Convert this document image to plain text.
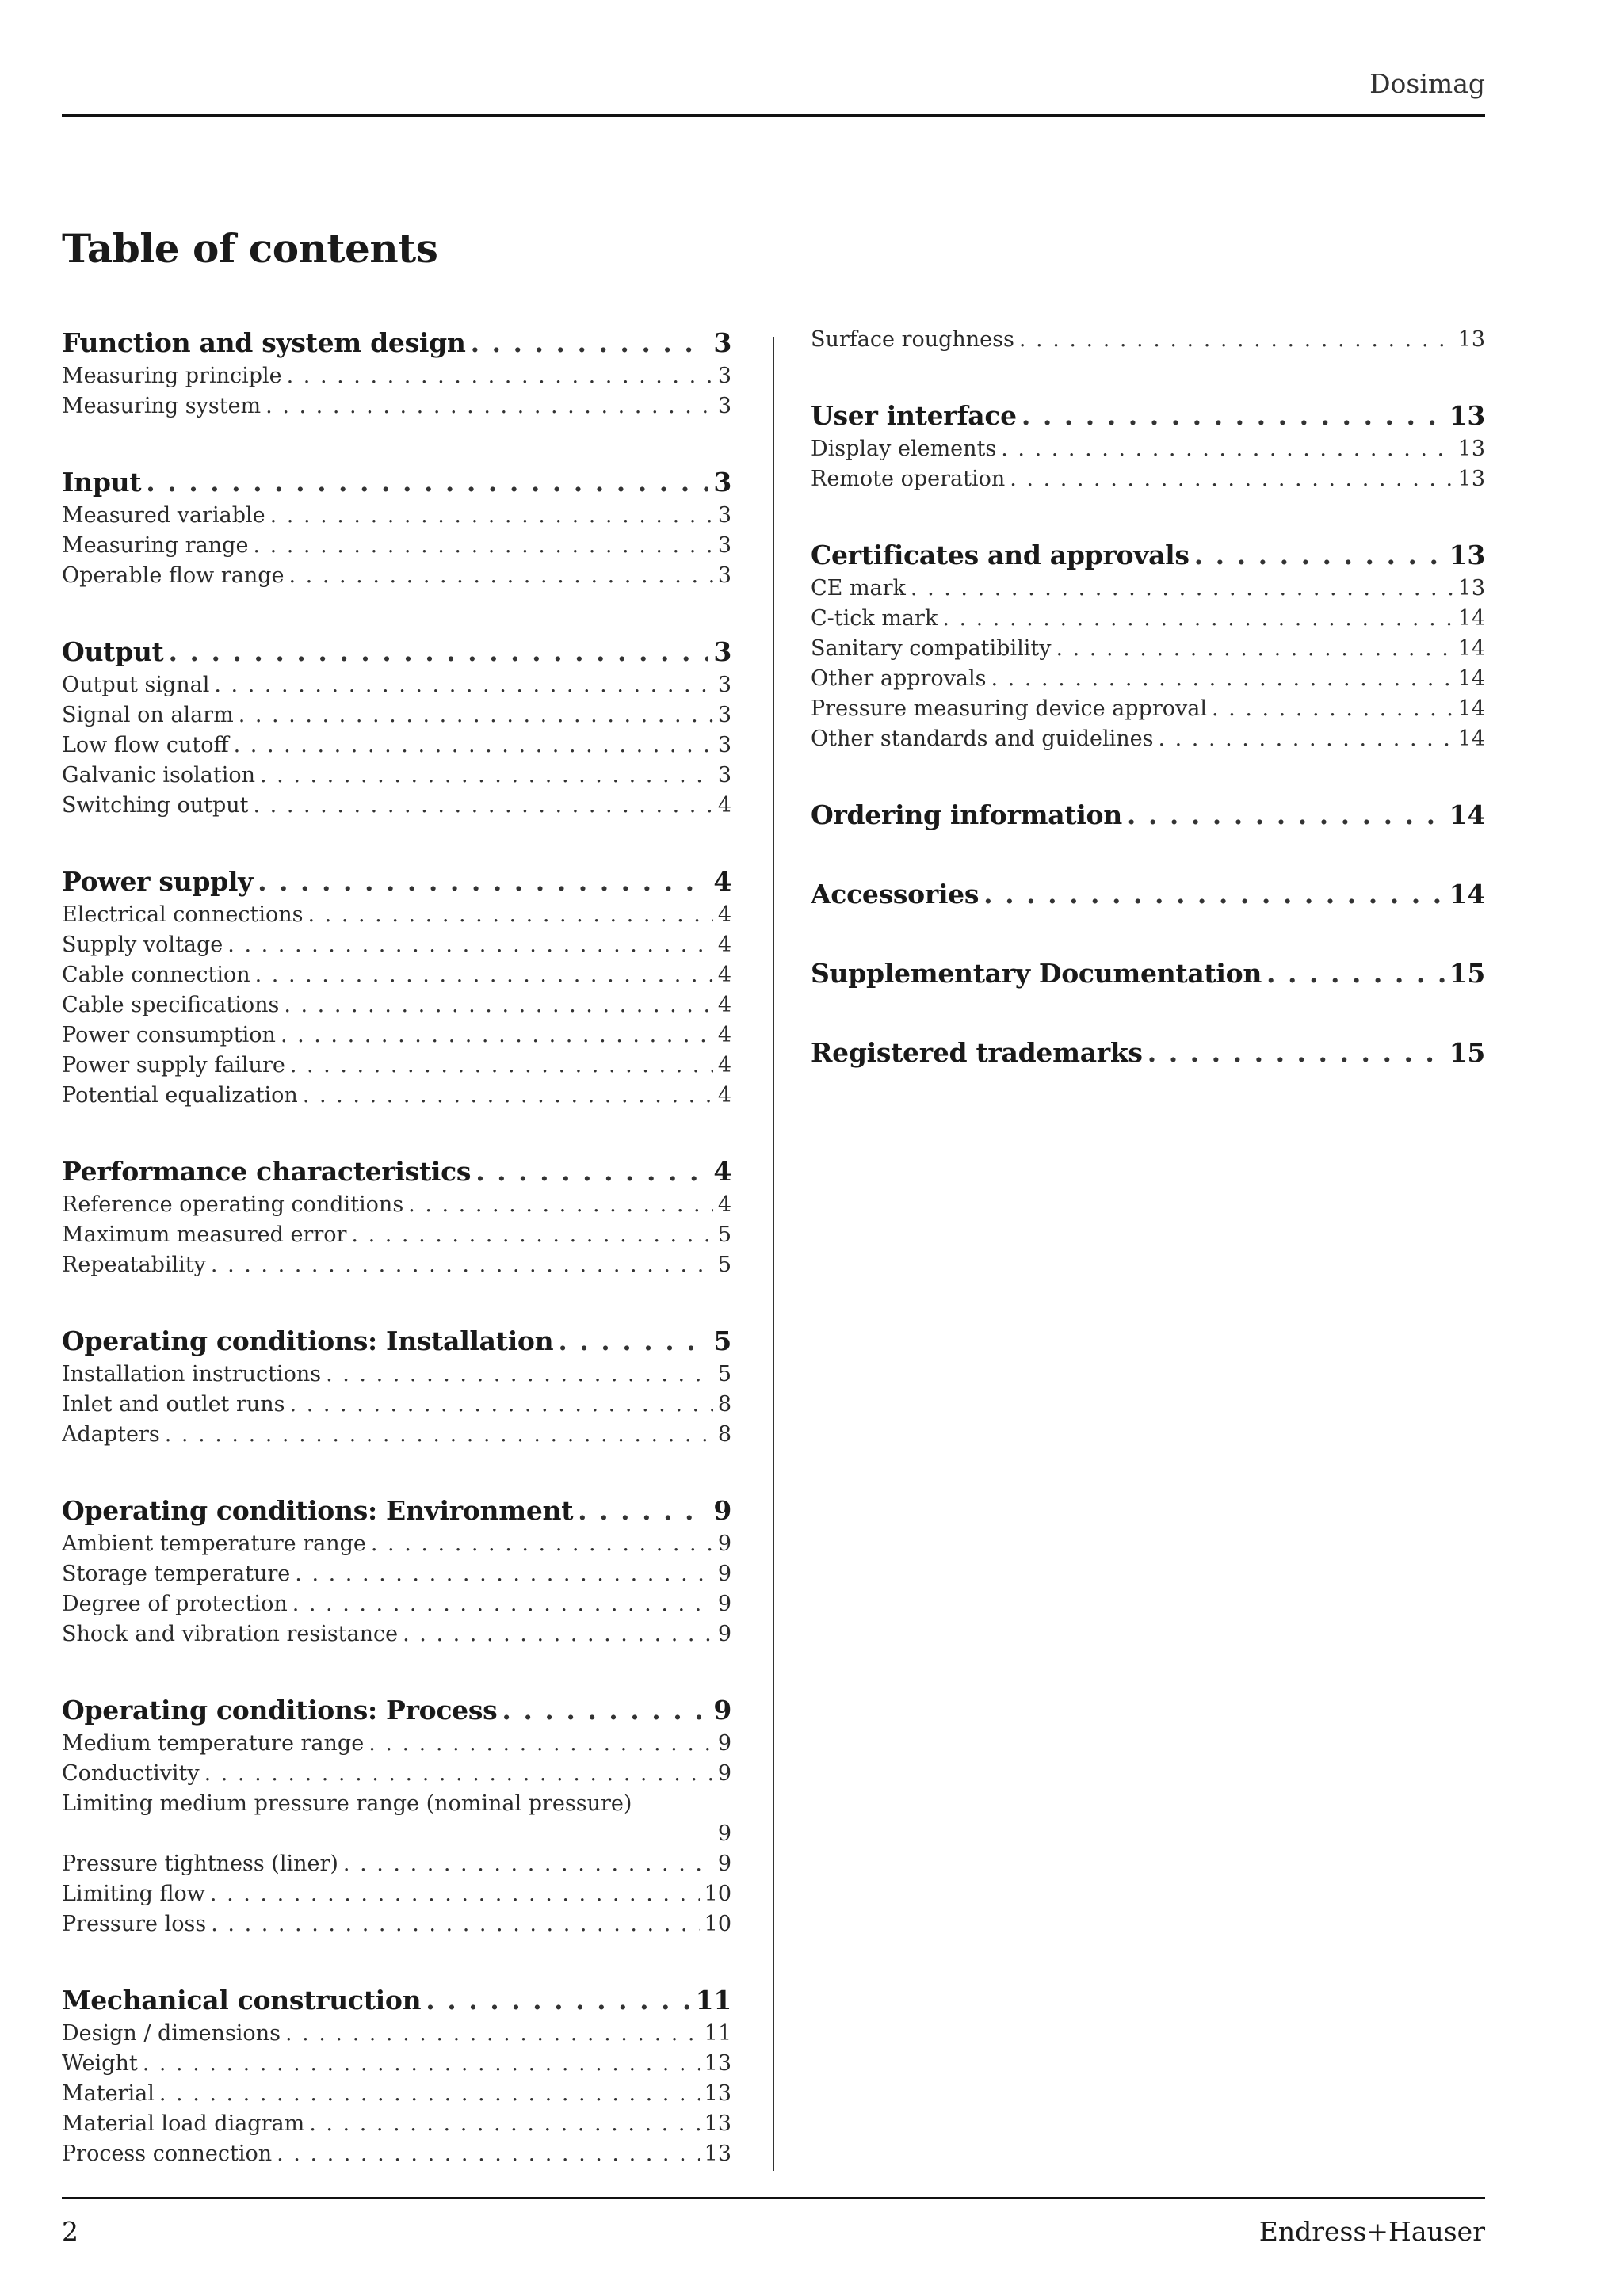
Dosimag
Table of contents
Function and system design . . .	3
Measuring principle . . .	3
Measuring system . . .	3
Input . . .	3
Measured variable . . .	3
Measuring range . . .	3
Operable flow range . . .	3
Output . . .	3
Output signal . . .	3
Signal on alarm . . .	3
Low flow cutoff . . .	3
Galvanic isolation . . .	3
Switching output . . .	4
Power supply . . .	4
Electrical connections . . .	4
Supply voltage . . .	4
Cable connection . . .	4
Cable specifications . . .	4
Power consumption . . .	4
Power supply failure . . .	4
Potential equalization . . .	4
Performance characteristics . . .	4
Reference operating conditions . . .	4
Maximum measured error . . .	5
Repeatability . . .	5
Operating conditions: Installation . . .	5
Installation instructions . . .	5
Inlet and outlet runs . . .	8
Adapters . . .	8
Operating conditions: Environment . . .	9
Ambient temperature range . . .	9
Storage temperature . . .	9
Degree of protection . . .	9
Shock and vibration resistance . . .	9
Operating conditions: Process . . .	9
Medium temperature range . . .	9
Conductivity . . .	9
Limiting medium pressure range (nominal pressure)
9
Pressure tightness (liner) . . .	9
Limiting flow . . .	10
Pressure loss . . .	10
Mechanical construction . . .	11
Design / dimensions . . .	11
Weight . . .	13
Material . . .	13
Material load diagram . . .	13
Process connection . . .	13
Surface roughness . . .	13
User interface . . .	13
Display elements . . .	13
Remote operation . . .	13
Certificates and approvals . . .	13
CE mark . . .	13
C-tick mark . . .	14
Sanitary compatibility . . .	14
Other approvals . . .	14
Pressure measuring device approval . . .	14
Other standards and guidelines . . .	14
Ordering information . . .	14
Accessories . . .	14
Supplementary Documentation . . .	15
Registered trademarks . . .	15
2	Endress+Hauser
